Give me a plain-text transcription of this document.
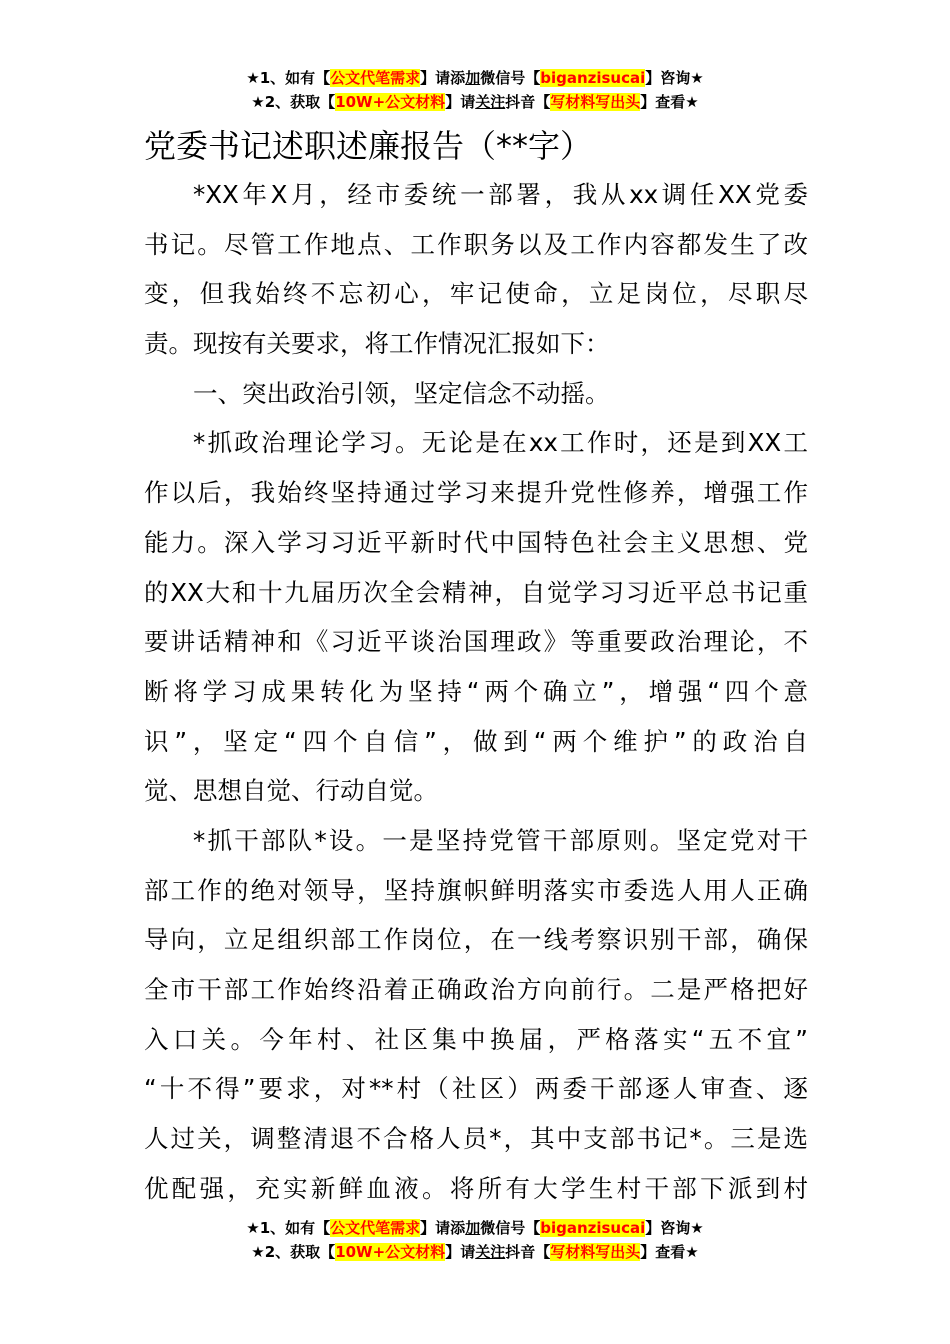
★1、如有【公文代笔需求】请添加微信号【biganzisucai】咨询★
★2、获取【10W+公文材料】请关注抖音【写材料写出头】查看★
党委书记述职述廉报告（**字）
*XX年X月，经市委统一部署，我从xx调任XX党委
书记。尽管工作地点、工作职务以及工作内容都发生了改
变，但我始终不忘初心，牢记使命，立足岗位，尽职尽
责。现按有关要求，将工作情况汇报如下：
一、突出政治引领，坚定信念不动摇。
*抓政治理论学习。无论是在xx工作时，还是到XX工
作以后，我始终坚持通过学习来提升党性修养，增强工作
能力。深入学习习近平新时代中国特色社会主义思想、党
的XX大和十九届历次全会精神，自觉学习习近平总书记重
要讲话精神和《习近平谈治国理政》等重要政治理论，不
断将学习成果转化为坚持“两个确立”，增强“四个意
识”，坚定“四个自信”，做到“两个维护”的政治自
觉、思想自觉、行动自觉。
*抓干部队*设。一是坚持党管干部原则。坚定党对干
部工作的绝对领导，坚持旗帜鲜明落实市委选人用人正确
导向，立足组织部工作岗位，在一线考察识别干部，确保
全市干部工作始终沿着正确政治方向前行。二是严格把好
入口关。今年村、社区集中换届，严格落实“五不宜”
“十不得”要求，对**村（社区）两委干部逐人审查、逐
人过关，调整清退不合格人员*，其中支部书记*。三是选
优配强，充实新鲜血液。将所有大学生村干部下派到村
★1、如有【公文代笔需求】请添加微信号【biganzisucai】咨询★
★2、获取【10W+公文材料】请关注抖音【写材料写出头】查看★
